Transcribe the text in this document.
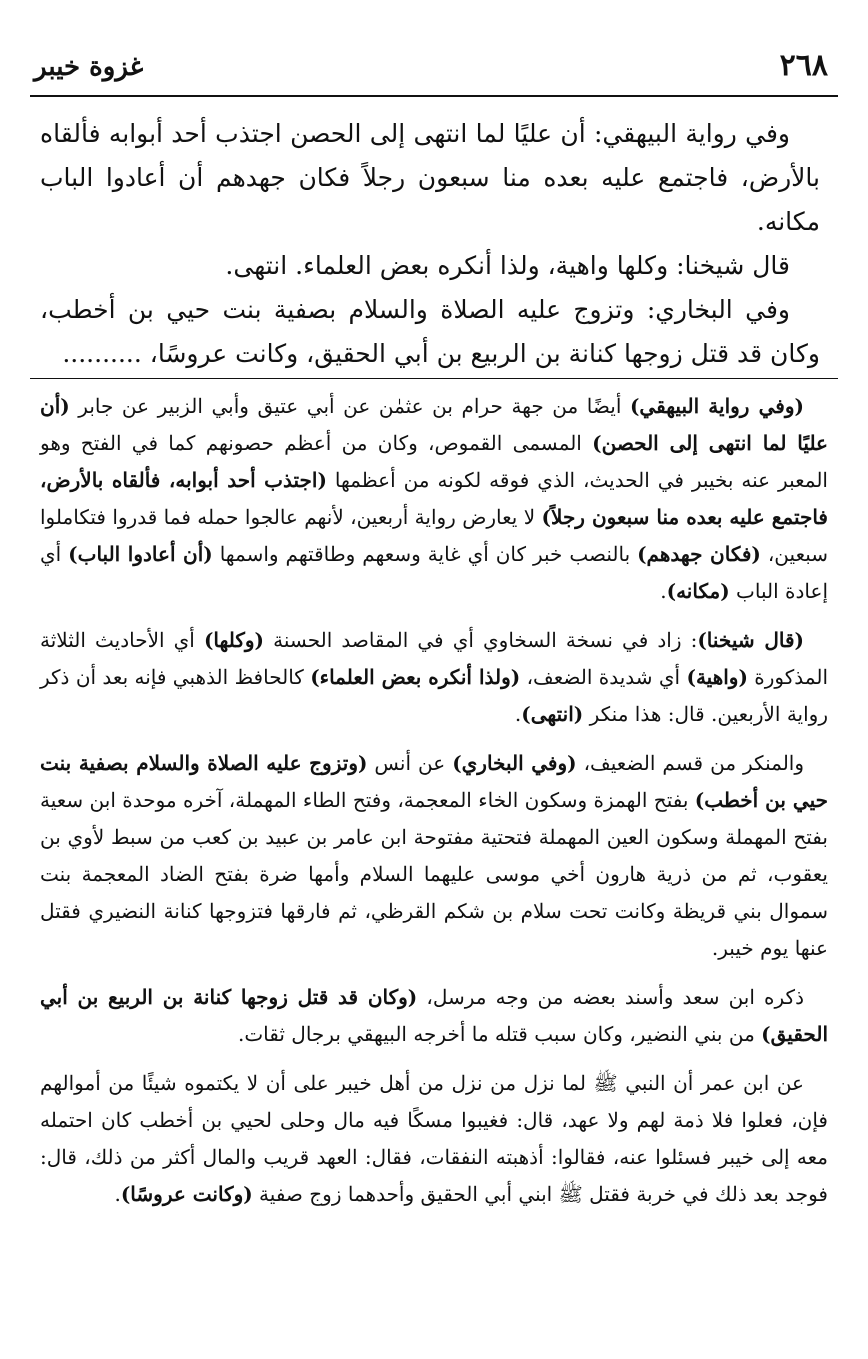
٢٦٨
غزوة خيبر

وفي رواية البيهقي: أن عليًا لما انتهى إلى الحصن اجتذب أحد أبوابه فألقاه بالأرض، فاجتمع عليه بعده منا سبعون رجلاً فكان جهدهم أن أعادوا الباب مكانه.

قال شيخنا: وكلها واهية، ولذا أنكره بعض العلماء. انتهى.

وفي البخاري: وتزوج عليه الصلاة والسلام بصفية بنت حيي بن أخطب، وكان قد قتل زوجها كنانة بن الربيع بن أبي الحقيق، وكانت عروسًا، ..........

(وفي رواية البيهقي) أيضًا من جهة حرام بن عثمٰن عن أبي عتيق وأبي الزبير عن جابر (أن عليًا لما انتهى إلى الحصن) المسمى القموص، وكان من أعظم حصونهم كما في الفتح وهو المعبر عنه بخيبر في الحديث، الذي فوقه لكونه من أعظمها (اجتذب أحد أبوابه، فألقاه بالأرض، فاجتمع عليه بعده منا سبعون رجلاً) لا يعارض رواية أربعين، لأنهم عالجوا حمله فما قدروا فتكاملوا سبعين، (فكان جهدهم) بالنصب خبر كان أي غاية وسعهم وطاقتهم واسمها (أن أعادوا الباب) أي إعادة الباب (مكانه).

(قال شيخنا): زاد في نسخة السخاوي أي في المقاصد الحسنة (وكلها) أي الأحاديث الثلاثة المذكورة (واهية) أي شديدة الضعف، (ولذا أنكره بعض العلماء) كالحافظ الذهبي فإنه بعد أن ذكر رواية الأربعين. قال: هذا منكر (انتهى).

والمنكر من قسم الضعيف، (وفي البخاري) عن أنس (وتزوج عليه الصلاة والسلام بصفية بنت حيي بن أخطب) بفتح الهمزة وسكون الخاء المعجمة، وفتح الطاء المهملة، آخره موحدة ابن سعية بفتح المهملة وسكون العين المهملة فتحتية مفتوحة ابن عامر بن عبيد بن كعب من سبط لأوي بن يعقوب، ثم من ذرية هارون أخي موسى عليهما السلام وأمها ضرة بفتح الضاد المعجمة بنت سموال بني قريظة وكانت تحت سلام بن شكم القرظي، ثم فارقها فتزوجها كنانة النضيري فقتل عنها يوم خيبر.

ذكره ابن سعد وأسند بعضه من وجه مرسل، (وكان قد قتل زوجها كنانة بن الربيع بن أبي الحقيق) من بني النضير، وكان سبب قتله ما أخرجه البيهقي برجال ثقات.

عن ابن عمر أن النبي ﷺ لما نزل من نزل من أهل خيبر على أن لا يكتموه شيئًا من أموالهم فإن، فعلوا فلا ذمة لهم ولا عهد، قال: فغيبوا مسكًا فيه مال وحلى لحيي بن أخطب كان احتمله معه إلى خيبر فسئلوا عنه، فقالوا: أذهبته النفقات، فقال: العهد قريب والمال أكثر من ذلك، قال: فوجد بعد ذلك في خربة فقتل ﷺ ابني أبي الحقيق وأحدهما زوج صفية (وكانت عروسًا).
